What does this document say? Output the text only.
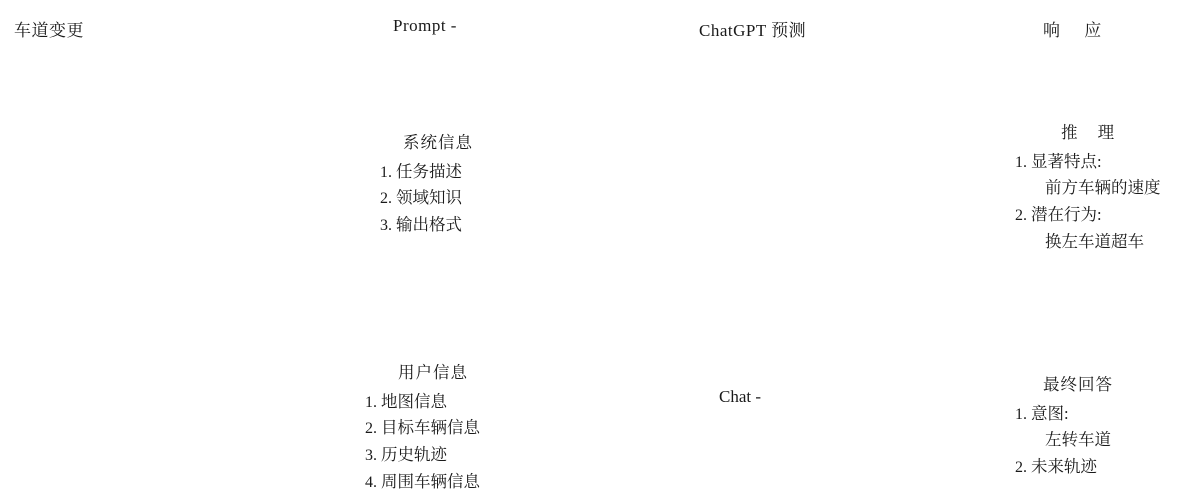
车道变更	Prompt -	ChatGPT 预测	响 应
系统信息
1. 任务描述
2. 领域知识
3. 输出格式
用户信息
1. 地图信息
2. 目标车辆信息
3. 历史轨迹
4. 周围车辆信息
Chat -
推 理
1. 显著特点:
前方车辆的速度
2. 潜在行为:
换左车道超车
最终回答
1. 意图:
左转车道
2. 未来轨迹
